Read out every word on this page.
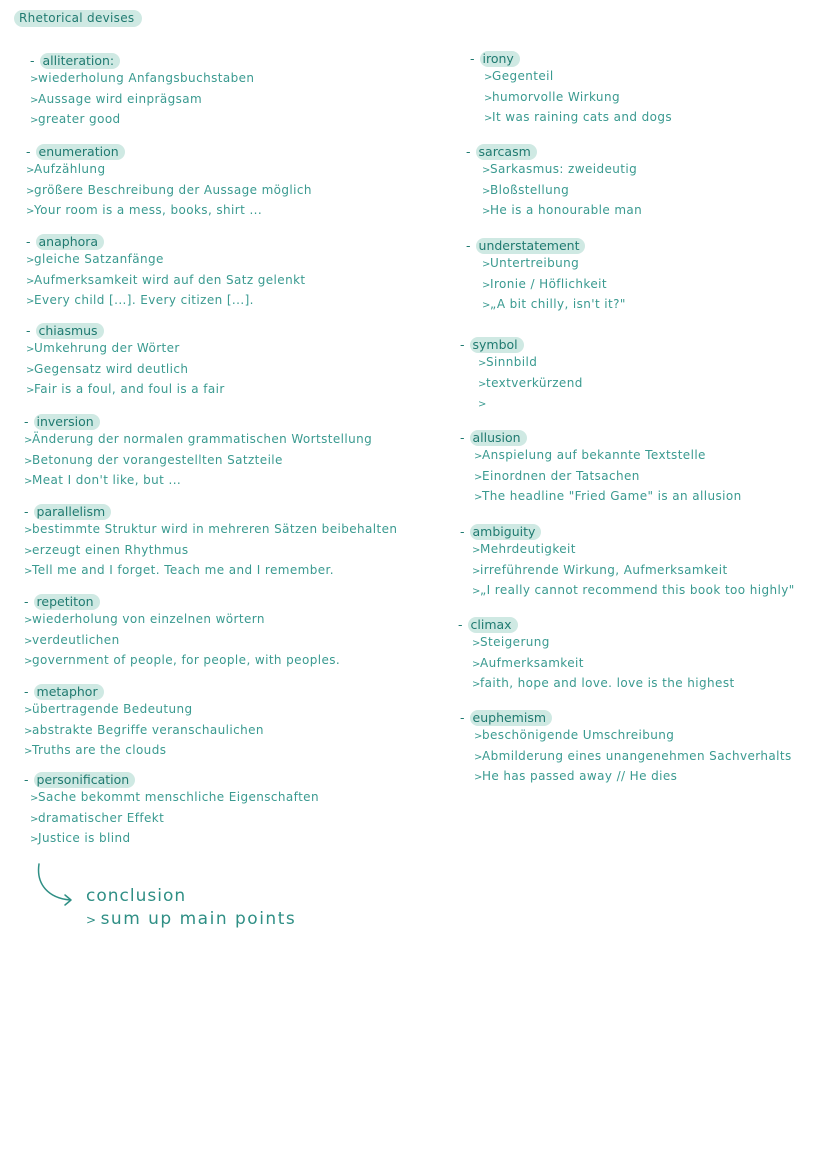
Rhetorical devises
- alliteration:
>wiederholung Anfangsbuchstaben
>Aussage wird einprägsam
>greater good
- enumeration
>Aufzählung
>größere Beschreibung der Aussage möglich
>Your room is a mess, books, shirt ...
- anaphora
>gleiche Satzanfänge
>Aufmerksamkeit wird auf den Satz gelenkt
>Every child [...]. Every citizen [...].
- chiasmus
>Umkehrung der Wörter
>Gegensatz wird deutlich
>Fair is a foul, and foul is a fair
- inversion
>Änderung der normalen grammatischen Wortstellung
>Betonung der vorangestellten Satzteile
>Meat I don't like, but ...
- parallelism
>bestimmte Struktur wird in mehreren Sätzen beibehalten
>erzeugt einen Rhythmus
>Tell me and I forget. Teach me and I remember.
- repetiton
>wiederholung von einzelnen wörtern
>verdeutlichen
>government of people, for people, with peoples.
- metaphor
>übertragende Bedeutung
>abstrakte Begriffe veranschaulichen
>Truths are the clouds
- personification
>Sache bekommt menschliche Eigenschaften
>dramatischer Effekt
>Justice is blind
- irony
>Gegenteil
>humorvolle Wirkung
>It was raining cats and dogs
- sarcasm
>Sarkasmus: zweideutig
>Bloßstellung
>He is a honourable man
- understatement
>Untertreibung
>Ironie / Höflichkeit
>„A bit chilly, isn't it?"
- symbol
>Sinnbild
>textverkürzend
>
- allusion
>Anspielung auf bekannte Textstelle
>Einordnen der Tatsachen
>The headline "Fried Game" is an allusion
- ambiguity
>Mehrdeutigkeit
>irreführende Wirkung, Aufmerksamkeit
>„I really cannot recommend this book too highly"
- climax
>Steigerung
>Aufmerksamkeit
>faith, hope and love. love is the highest
- euphemism
>beschönigende Umschreibung
>Abmilderung eines unangenehmen Sachverhalts
>He has passed away // He dies
conclusion
> sum up main points
